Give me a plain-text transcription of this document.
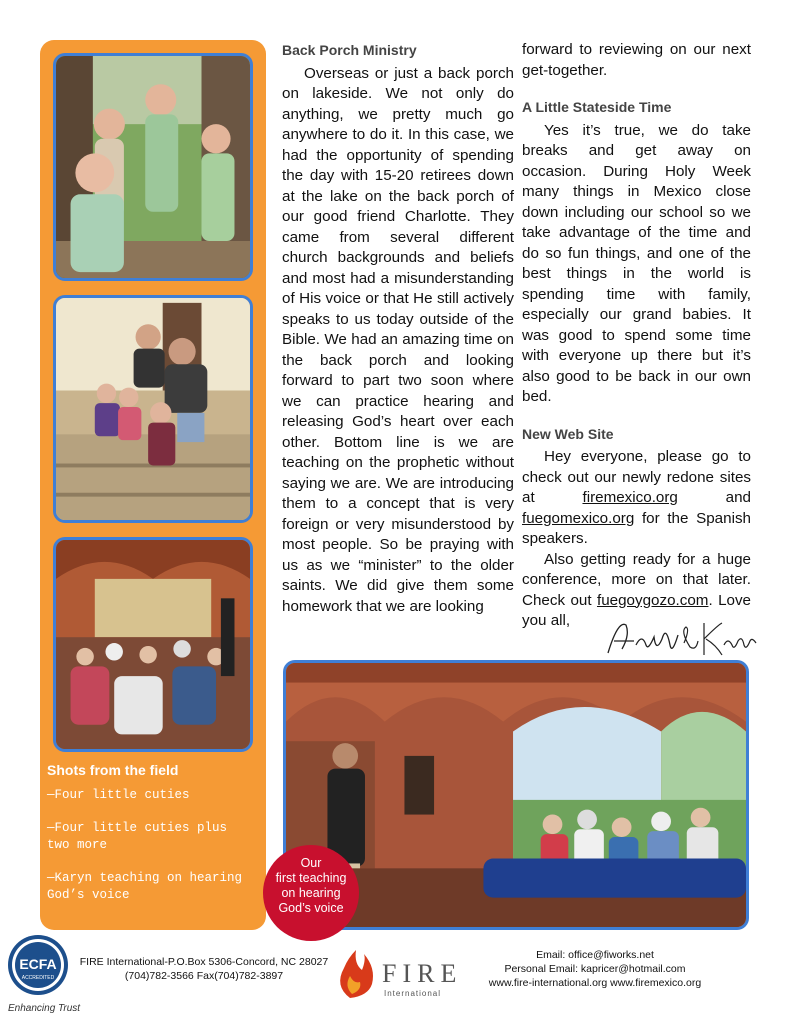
Shots from the field
—Four little cuties
—Four little cuties plus two more
—Karyn teaching on hearing God’s voice
Back Porch Ministry

Overseas or just a back porch on lakeside. We not only do anything, we pretty much go anywhere to do it. In this case, we had the opportunity of spending the day with 15-20 retirees down at the lake on the back porch of our good friend Charlotte. They came from several different church backgrounds and beliefs and most had a misunderstanding of His voice or that He still actively speaks to us today outside of the Bible. We had an amazing time on the back porch and looking forward to part two soon where we can practice hearing and releasing God’s heart over each other. Bottom line is we are teaching on the prophetic without saying we are. We are introducing them to a concept that is very foreign or very misunderstood by most people. So be praying with us as we “minister” to the older saints. We did give them some homework that we are looking

forward to reviewing on our next get-together.

A Little Stateside Time

Yes it’s true, we do take breaks and get away on occasion. During Holy Week many things in Mexico close down including our school so we take advantage of the time and do so fun things, and one of the best things in the world is spending time with family, especially our grand babies. It was good to spend some time with everyone up there but it’s also good to be back in our own bed.

New Web Site

Hey everyone, please go to check out our newly redone sites at firemexico.org and fuegomexico.org for the Spanish speakers.

Also getting ready for a huge conference, more on that later. Check out fuegoygozo.com. Love you all,

Our
first teaching
on hearing
God’s voice
ECFA
ACCREDITED
Enhancing Trust
FIRE International-P.O.Box 5306-Concord, NC 28027
(704)782-3566 Fax(704)782-3897	FIRE
International
Email: office@fiworks.net
Personal Email: kapricer@hotmail.com
www.fire-international.org www.firemexico.org
